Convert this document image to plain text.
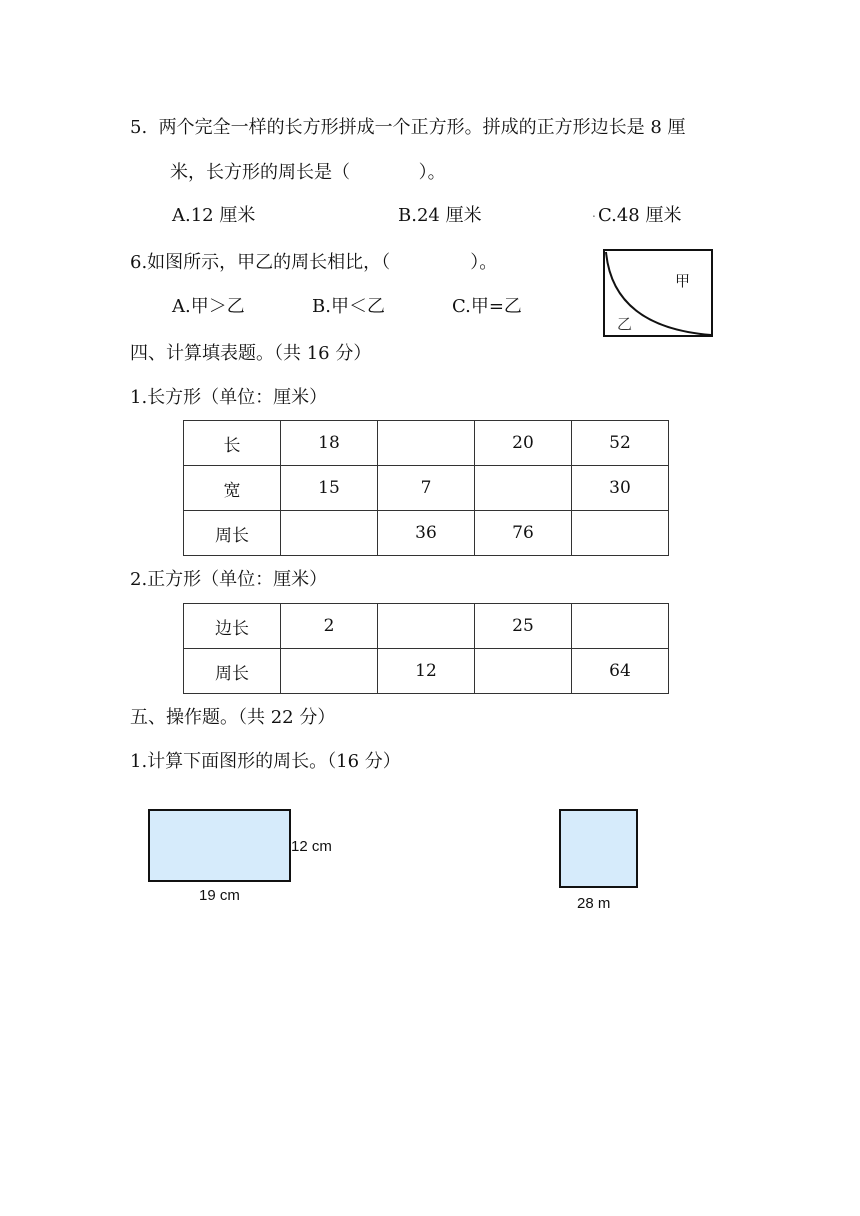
5.  两个完全一样的长方形拼成一个正方形。拼成的正方形边长是 8 厘
米，长方形的周长是（            ）。
A.12 厘米	B.24 厘米	. C.48 厘米
6.如图所示，甲乙的周长相比，（              ）。
A.甲＞乙	B.甲＜乙	C.甲=乙
甲
乙
四、计算填表题。（共 16 分）
1.长方形（单位：厘米）
长	18		20	52
宽	15	7		30
周长		36	76	
2.正方形（单位：厘米）
边长	2		25	
周长		12		64
五、操作题。（共 22 分）
1.计算下面图形的周长。（16 分）
12 cm
19 cm	28 m
